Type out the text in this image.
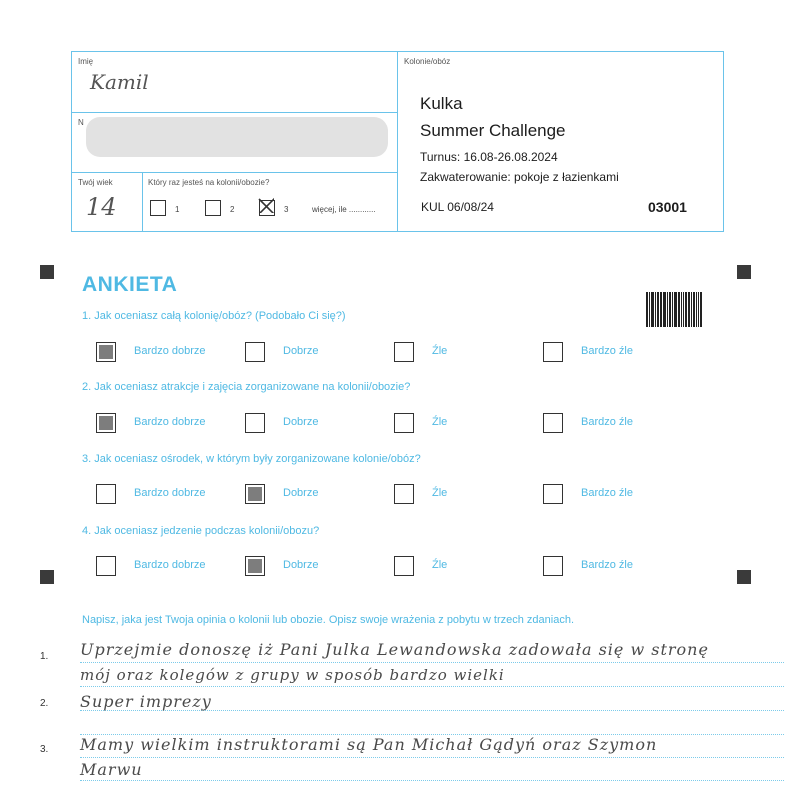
Imię
Kamil
N
Twój wiek
14
Który raz jesteś na kolonii/obozie?
1	2	3	więcej, ile ............
Kolonie/obóz
Kulka
Summer Challenge
Turnus: 16.08-26.08.2024
Zakwaterowanie: pokoje z łazienkami
KUL 06/08/24	03001
ANKIETA
1. Jak oceniasz całą kolonię/obóz? (Podobało Ci się?)
2. Jak oceniasz atrakcje i zajęcia zorganizowane na kolonii/obozie?
3. Jak oceniasz ośrodek, w którym były zorganizowane kolonie/obóz?
4. Jak oceniasz jedzenie podczas kolonii/obozu?
Bardzo dobrze	Dobrze	Źle	Bardzo źle
Bardzo dobrze	Dobrze	Źle	Bardzo źle
Bardzo dobrze	Dobrze	Źle	Bardzo źle
Bardzo dobrze	Dobrze	Źle	Bardzo źle
Napisz, jaka jest Twoja opinia o kolonii lub obozie. Opisz swoje wrażenia z pobytu w trzech zdaniach.
1.
2.
3.
Uprzejmie donoszę iż Pani Julka Lewandowska zadowała się w stronę
mój oraz kolegów z grupy w sposób bardzo wielki
Super imprezy
Mamy wielkim instruktorami są Pan Michał Gądyń oraz Szymon
Marwu
